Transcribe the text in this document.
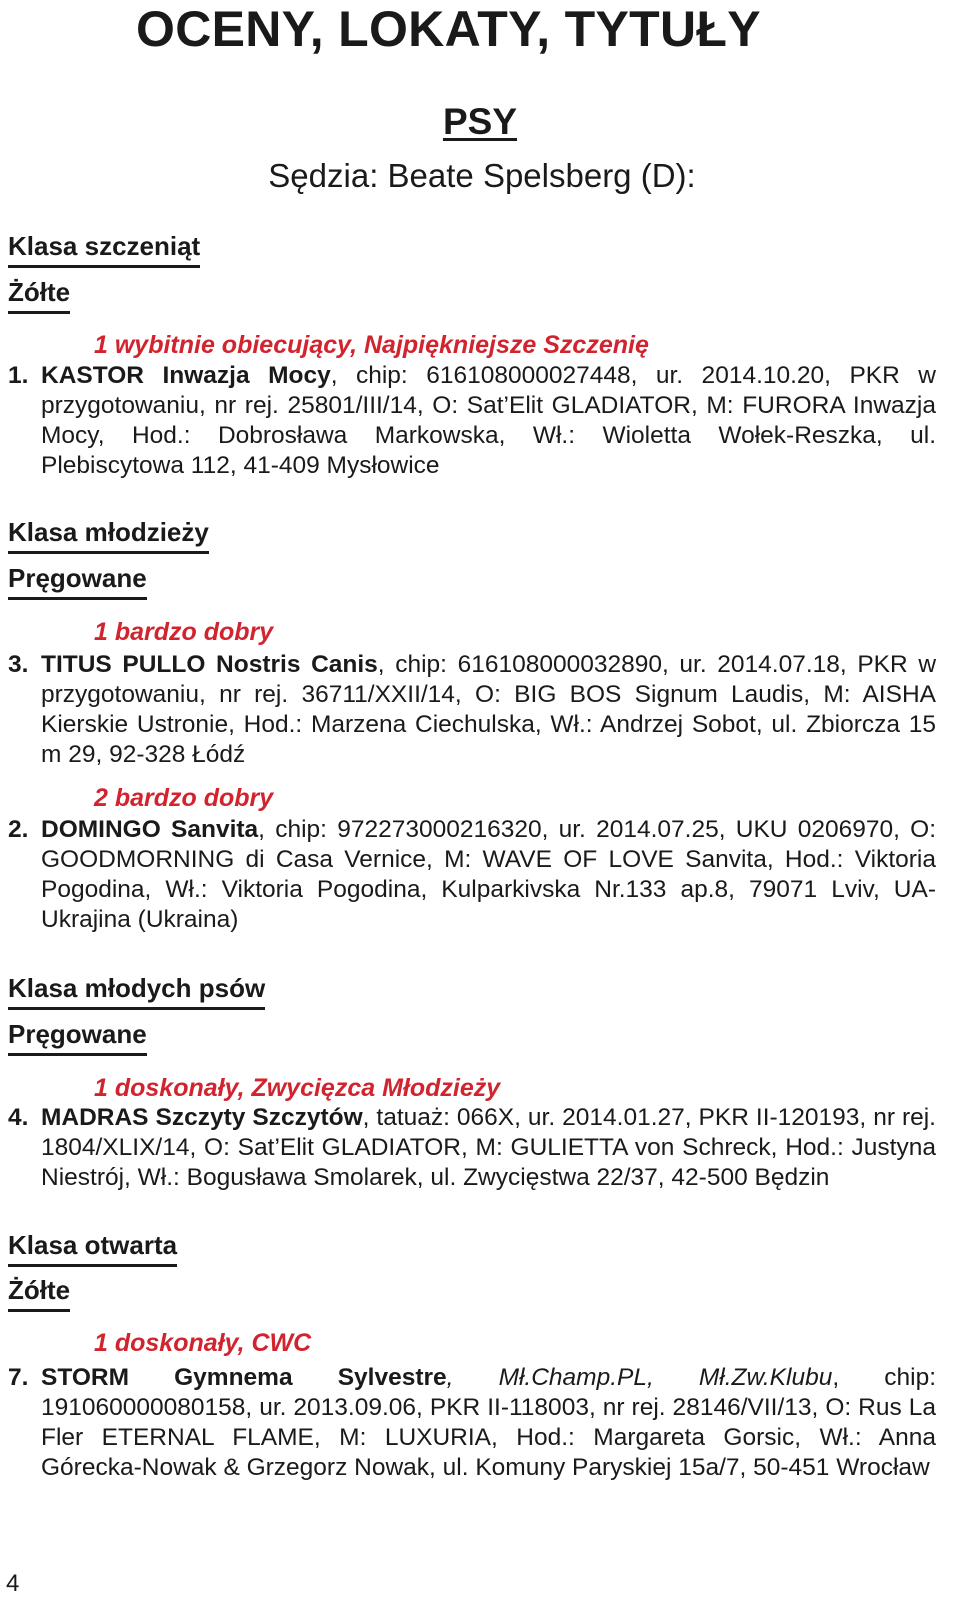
OCENY, LOKATY, TYTUŁY
PSY

Sędzia: Beate Spelsberg (D):

Klasa szczeniąt
Żółte

1 wybitnie obiecujący, Najpiękniejsze Szczenię

1. KASTOR Inwazja Mocy, chip: 616108000027448, ur. 2014.10.20, PKR w przygotowaniu, nr rej. 25801/III/14, O: Sat’Elit GLADIATOR, M: FURORA Inwazja Mocy, Hod.: Dobrosława Markowska, Wł.: Wioletta Wołek-Reszka, ul. Plebiscytowa 112, 41-409 Mysłowice
Klasa młodzieży
Pręgowane

1 bardzo dobry

3. TITUS PULLO Nostris Canis, chip: 616108000032890, ur. 2014.07.18, PKR w przygotowaniu, nr rej. 36711/XXII/14, O: BIG BOS Signum Laudis, M: AISHA Kierskie Ustronie, Hod.: Marzena Ciechulska, Wł.: Andrzej Sobot, ul. Zbiorcza 15 m 29, 92-328 Łódź

2 bardzo dobry

2. DOMINGO Sanvita, chip: 972273000216320, ur. 2014.07.25, UKU 0206970, O: GOODMORNING di Casa Vernice, M: WAVE OF LOVE Sanvita, Hod.: Viktoria Pogodina, Wł.: Viktoria Pogodina, Kulparkivska Nr.133 ap.8, 79071 Lviv, UA-Ukrajina (Ukraina)
Klasa młodych psów
Pręgowane

1 doskonały, Zwycięzca Młodzieży

4. MADRAS Szczyty Szczytów, tatuaż: 066X, ur. 2014.01.27, PKR II-120193, nr rej. 1804/XLIX/14, O: Sat’Elit GLADIATOR, M: GULIETTA von Schreck, Hod.: Justyna Niestrój, Wł.: Bogusława Smolarek, ul. Zwycięstwa 22/37, 42-500 Będzin
Klasa otwarta
Żółte

1 doskonały, CWC

7. STORM Gymnema Sylvestre, Mł.Champ.PL, Mł.Zw.Klubu, chip: 191060000080158, ur. 2013.09.06, PKR II-118003, nr rej. 28146/VII/13, O: Rus La Fler ETERNAL FLAME, M: LUXURIA, Hod.: Margareta Gorsic, Wł.: Anna Górecka-Nowak & Grzegorz Nowak, ul. Komuny Paryskiej 15a/7, 50-451 Wrocław

4
